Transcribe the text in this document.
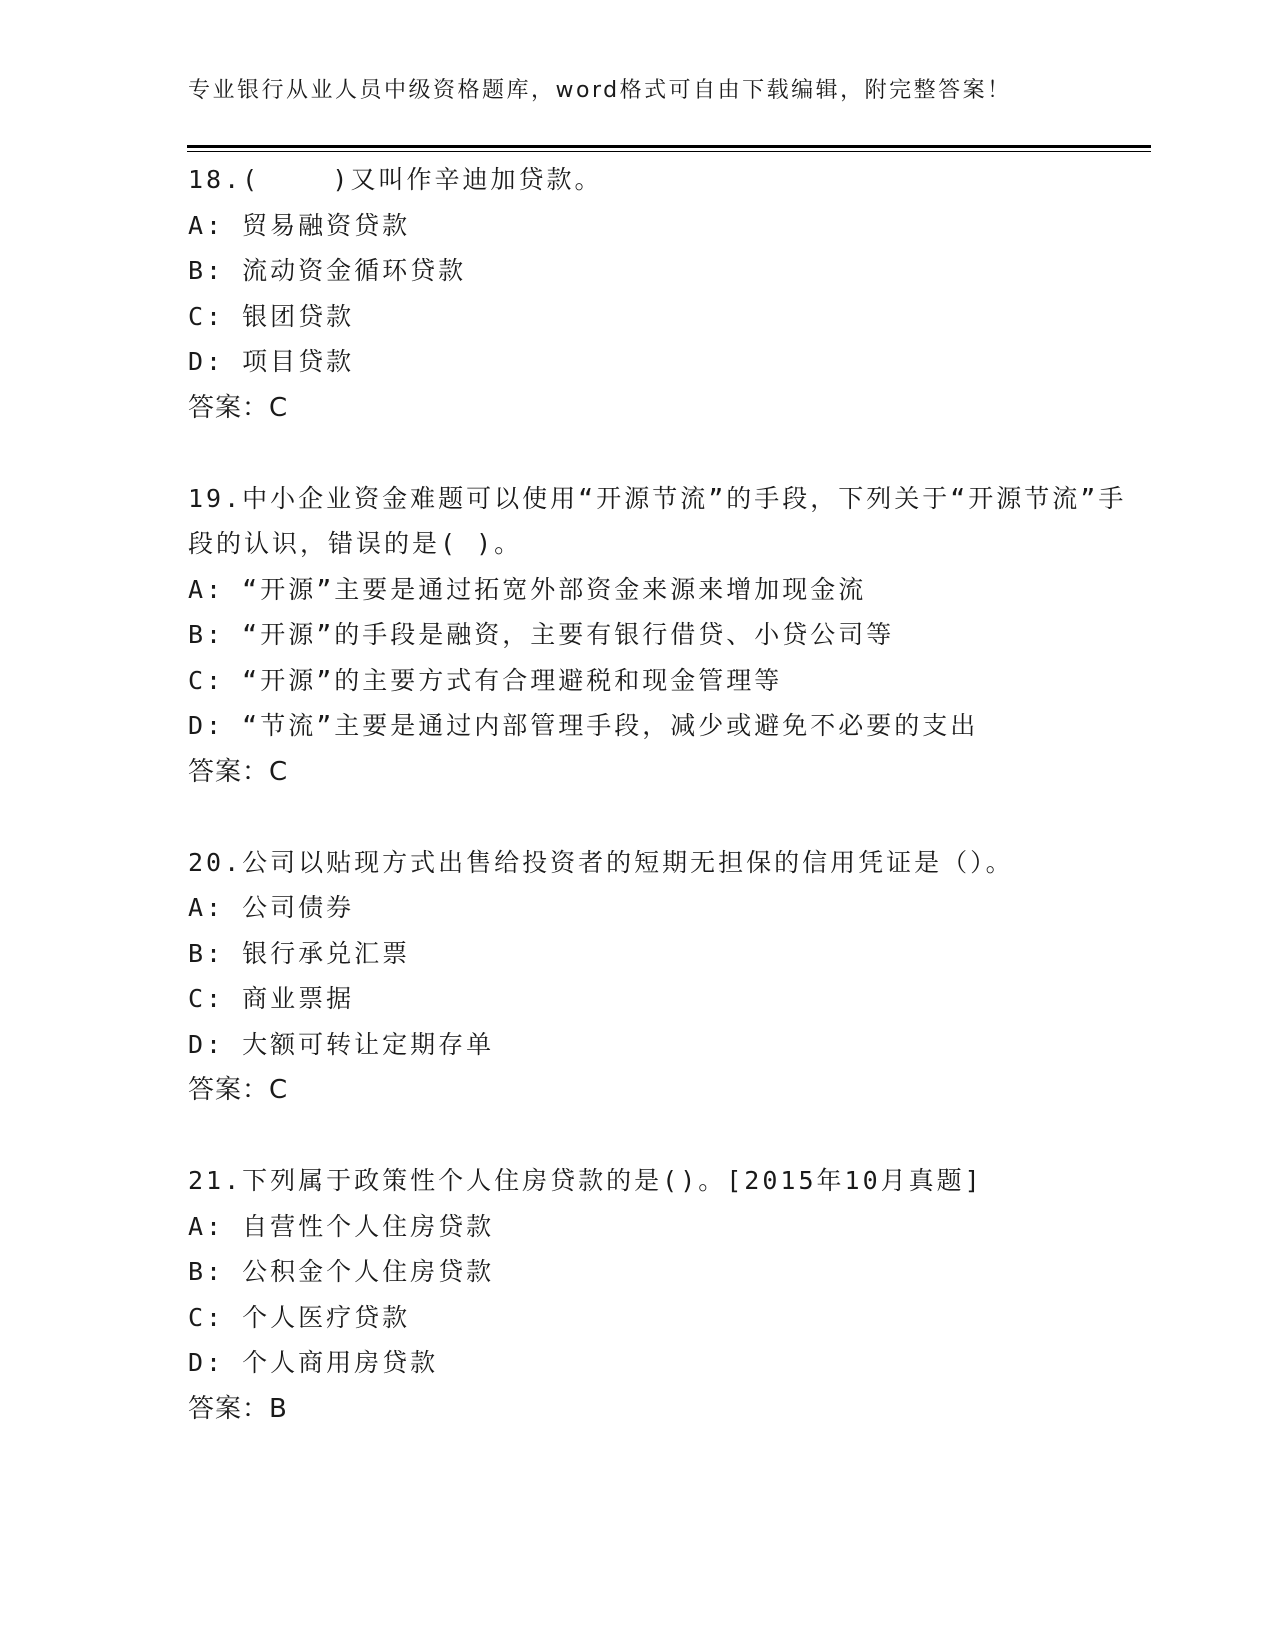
专业银行从业人员中级资格题库，word格式可自由下载编辑，附完整答案！
18.(    )又叫作辛迪加贷款。
A: 贸易融资贷款
B: 流动资金循环贷款
C: 银团贷款
D: 项目贷款
答案：C
19.中小企业资金难题可以使用“开源节流”的手段，下列关于“开源节流”手段的认识，错误的是( )。
A: “开源”主要是通过拓宽外部资金来源来增加现金流
B: “开源”的手段是融资，主要有银行借贷、小贷公司等
C: “开源”的主要方式有合理避税和现金管理等
D: “节流”主要是通过内部管理手段，减少或避免不必要的支出
答案：C
20.公司以贴现方式出售给投资者的短期无担保的信用凭证是（）。
A: 公司债券
B: 银行承兑汇票
C: 商业票据
D: 大额可转让定期存单
答案：C
21.下列属于政策性个人住房贷款的是()。[2015年10月真题]
A: 自营性个人住房贷款
B: 公积金个人住房贷款
C: 个人医疗贷款
D: 个人商用房贷款
答案：B
